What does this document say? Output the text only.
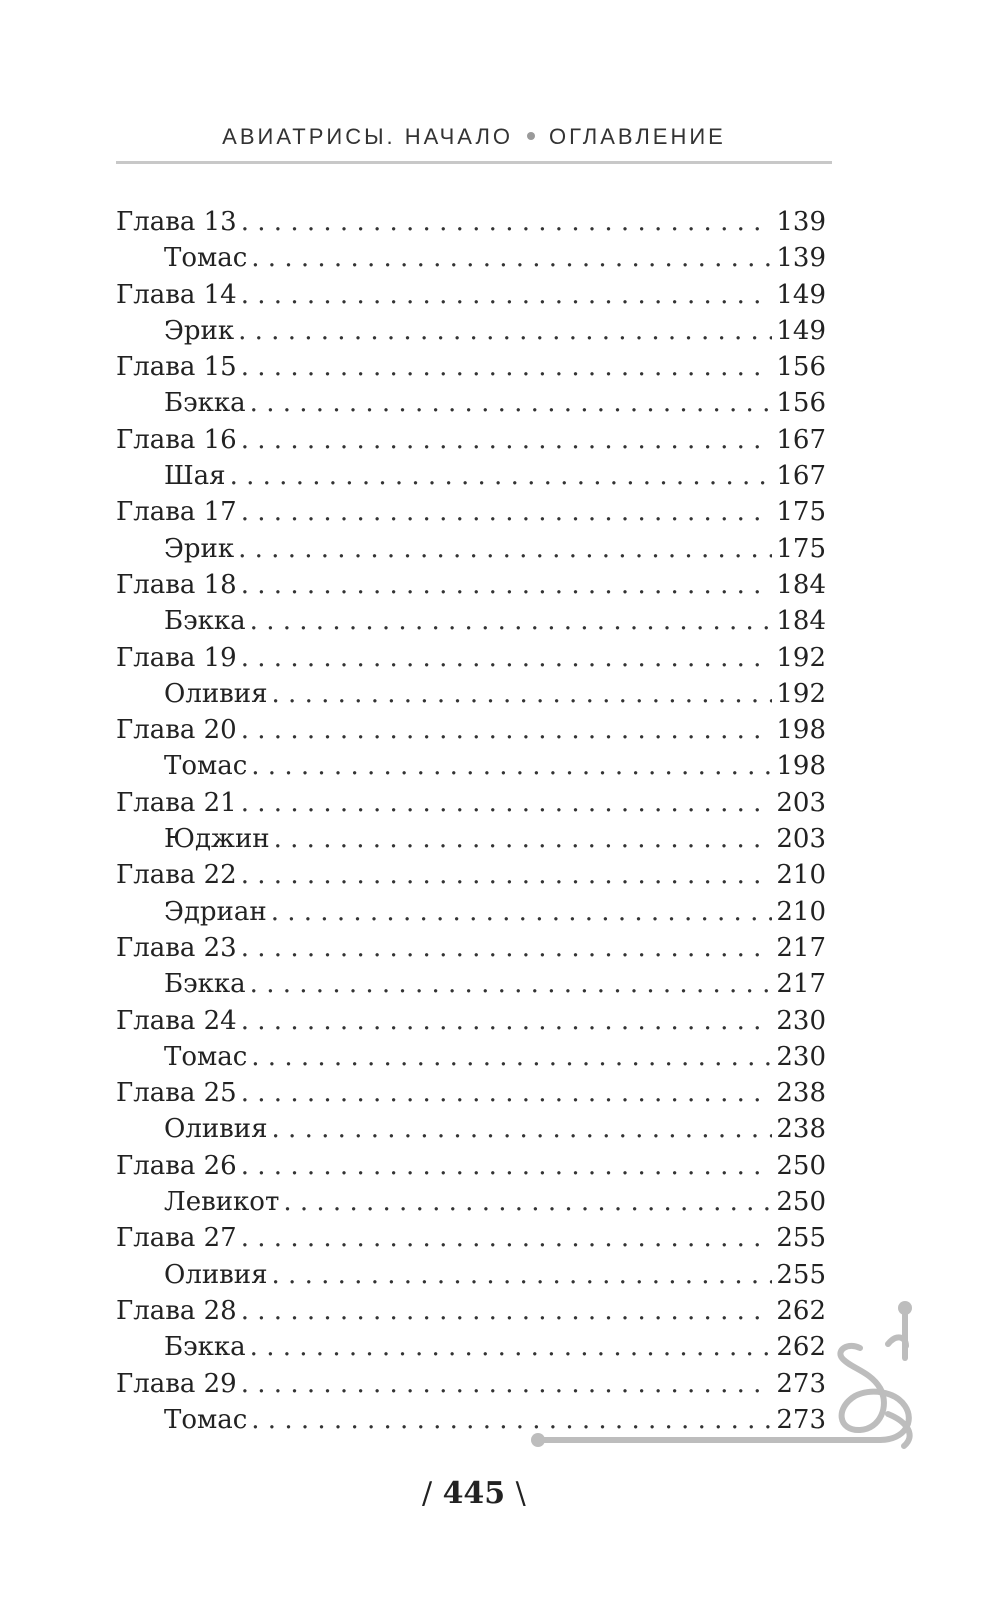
АВИАТРИСЫ. НАЧАЛО ОГЛАВЛЕНИЕ
Глава 13 . . .	139
Томас . . .	139
Глава 14 . . .	149
Эрик . . .	149
Глава 15 . . .	156
Бэкка . . .	156
Глава 16 . . .	167
Шая . . .	167
Глава 17 . . .	175
Эрик . . .	175
Глава 18 . . .	184
Бэкка . . .	184
Глава 19 . . .	192
Оливия . . .	192
Глава 20 . . .	198
Томас . . .	198
Глава 21 . . .	203
Юджин . . .	203
Глава 22 . . .	210
Эдриан . . .	210
Глава 23 . . .	217
Бэкка . . .	217
Глава 24 . . .	230
Томас . . .	230
Глава 25 . . .	238
Оливия . . .	238
Глава 26 . . .	250
Левикот . . .	250
Глава 27 . . .	255
Оливия . . .	255
Глава 28 . . .	262
Бэкка . . .	262
Глава 29 . . .	273
Томас . . .	273
/ 445 \
